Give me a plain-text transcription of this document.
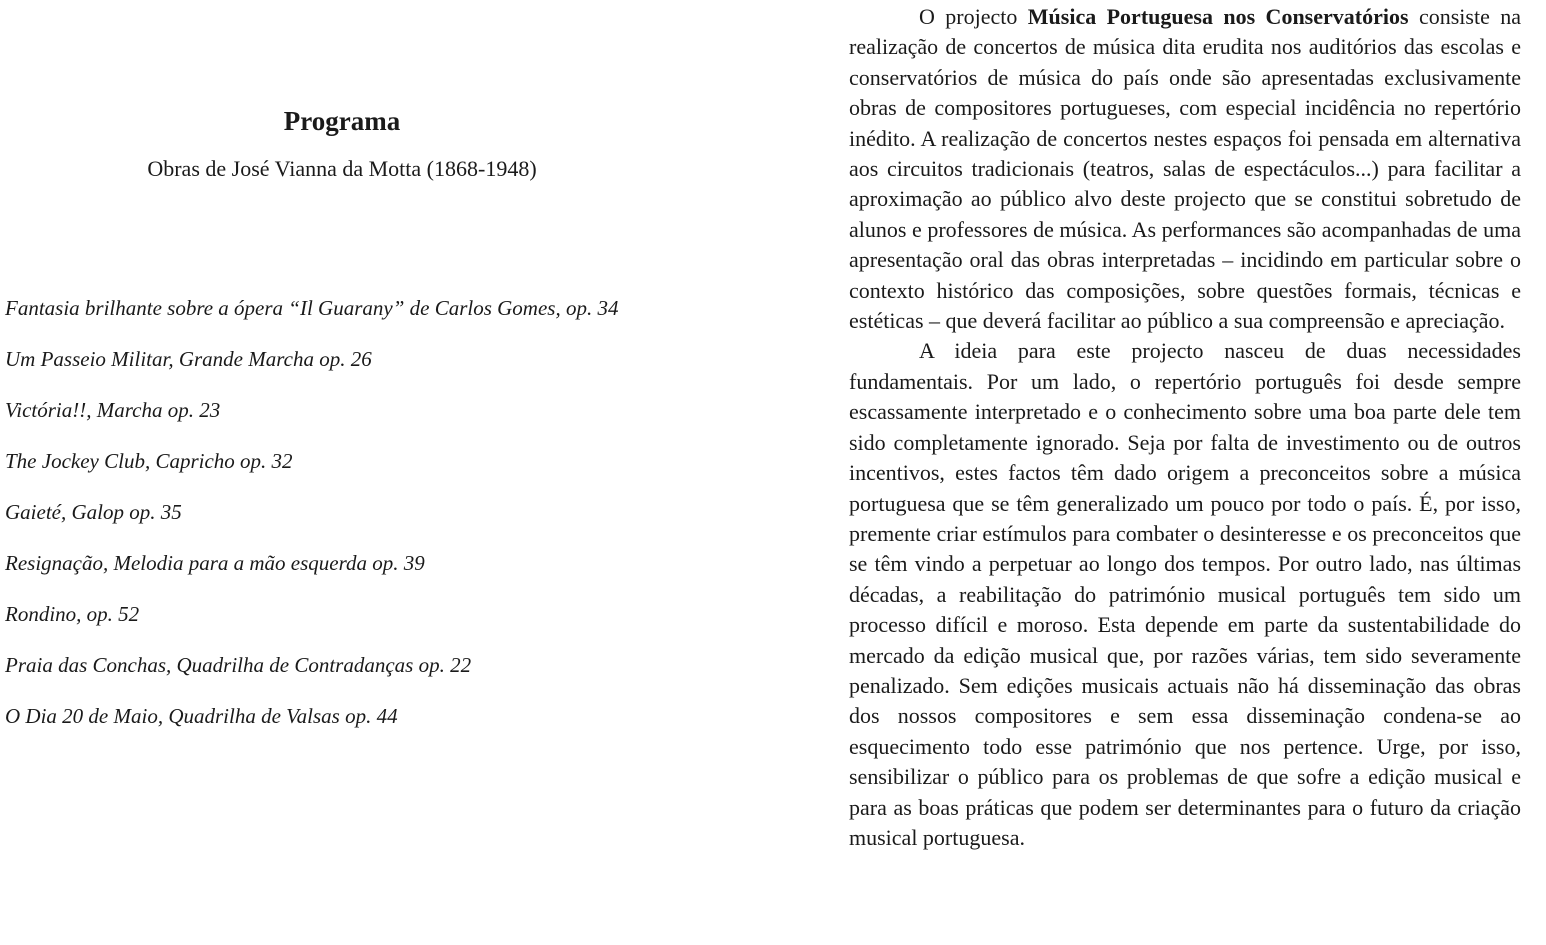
Programa

Obras de José Vianna da Motta (1868-1948)

Fantasia brilhante sobre a ópera “Il Guarany” de Carlos Gomes, op. 34
Um Passeio Militar, Grande Marcha op. 26
Victória!!, Marcha op. 23
The Jockey Club, Capricho op. 32
Gaieté, Galop op. 35
Resignação, Melodia para a mão esquerda op. 39
Rondino, op. 52
Praia das Conchas, Quadrilha de Contradanças op. 22
O Dia 20 de Maio, Quadrilha de Valsas op. 44

O projecto Música Portuguesa nos Conservatórios consiste na realização de concertos de música dita erudita nos auditórios das escolas e conservatórios de música do país onde são apresentadas exclusivamente obras de compositores portugueses, com especial incidência no repertório inédito. A realização de concertos nestes espaços foi pensada em alternativa aos circuitos tradicionais (teatros, salas de espectáculos...) para facilitar a aproximação ao público alvo deste projecto que se constitui sobretudo de alunos e professores de música. As performances são acompanhadas de uma apresentação oral das obras interpretadas – incidindo em particular sobre o contexto histórico das composições, sobre questões formais, técnicas e estéticas – que deverá facilitar ao público a sua compreensão e apreciação.

A ideia para este projecto nasceu de duas necessidades fundamentais. Por um lado, o repertório português foi desde sempre escassamente interpretado e o conhecimento sobre uma boa parte dele tem sido completamente ignorado. Seja por falta de investimento ou de outros incentivos, estes factos têm dado origem a preconceitos sobre a música portuguesa que se têm generalizado um pouco por todo o país. É, por isso, premente criar estímulos para combater o desinteresse e os preconceitos que se têm vindo a perpetuar ao longo dos tempos. Por outro lado, nas últimas décadas, a reabilitação do património musical português tem sido um processo difícil e moroso. Esta depende em parte da sustentabilidade do mercado da edição musical que, por razões várias, tem sido severamente penalizado. Sem edições musicais actuais não há disseminação das obras dos nossos compositores e sem essa disseminação condena-se ao esquecimento todo esse património que nos pertence. Urge, por isso, sensibilizar o público para os problemas de que sofre a edição musical e para as boas práticas que podem ser determinantes para o futuro da criação musical portuguesa.
